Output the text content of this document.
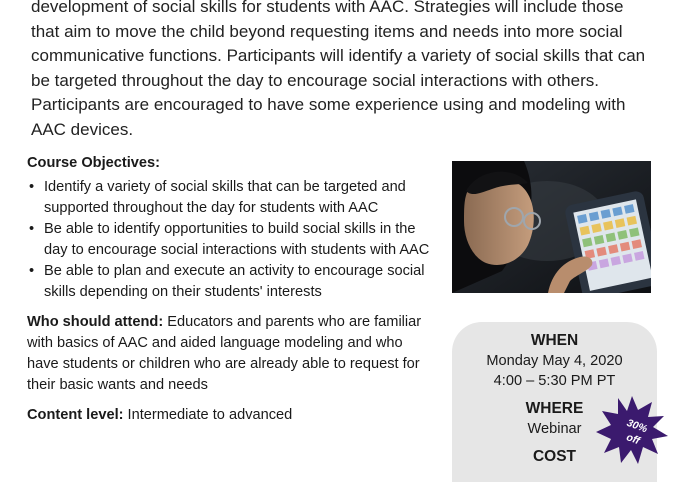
development of social skills for students with AAC. Strategies will include those that aim to move the child beyond requesting items and needs into more social communicative functions. Participants will identify a variety of social skills that can be targeted throughout the day to encourage social interactions with others. Participants are encouraged to have some experience using and modeling with AAC devices.

Course Objectives:
• Identify a variety of social skills that can be targeted and supported throughout the day for students with AAC
• Be able to identify opportunities to build social skills in the day to encourage social interactions with students with AAC
• Be able to plan and execute an activity to encourage social skills depending on their students' interests

Who should attend: Educators and parents who are familiar with basics of AAC and aided language modeling and who have students or children who are already able to request for their basic wants and needs

Content level: Intermediate to advanced

WHEN
Monday May 4, 2020
4:00 – 5:30 PM PT
WHERE
Webinar
COST
30%
off
